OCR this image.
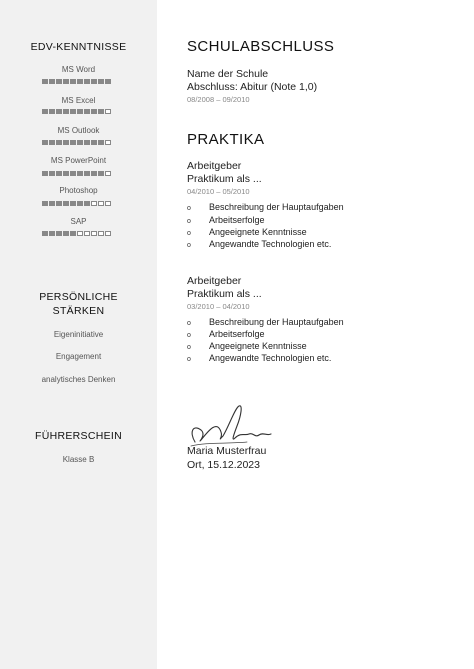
EDV-KENNTNISSE
MS Word
MS Excel
MS Outlook
MS PowerPoint
Photoshop
SAP
PERSÖNLICHE
STÄRKEN
Eigeninitiative
Engagement
analytisches Denken
FÜHRERSCHEIN
Klasse B
SCHULABSCHLUSS
Name der Schule
Abschluss: Abitur (Note 1,0)
08/2008 – 09/2010
PRAKTIKA
Arbeitgeber
Praktikum als ...
04/2010 – 05/2010
o Beschreibung der Hauptaufgaben
o Arbeitserfolge
o Angeeignete Kenntnisse
o Angewandte Technologien etc.
Arbeitgeber
Praktikum als ...
03/2010 – 04/2010
o Beschreibung der Hauptaufgaben
o Arbeitserfolge
o Angeeignete Kenntnisse
o Angewandte Technologien etc.
Maria Musterfrau
Ort, 15.12.2023
